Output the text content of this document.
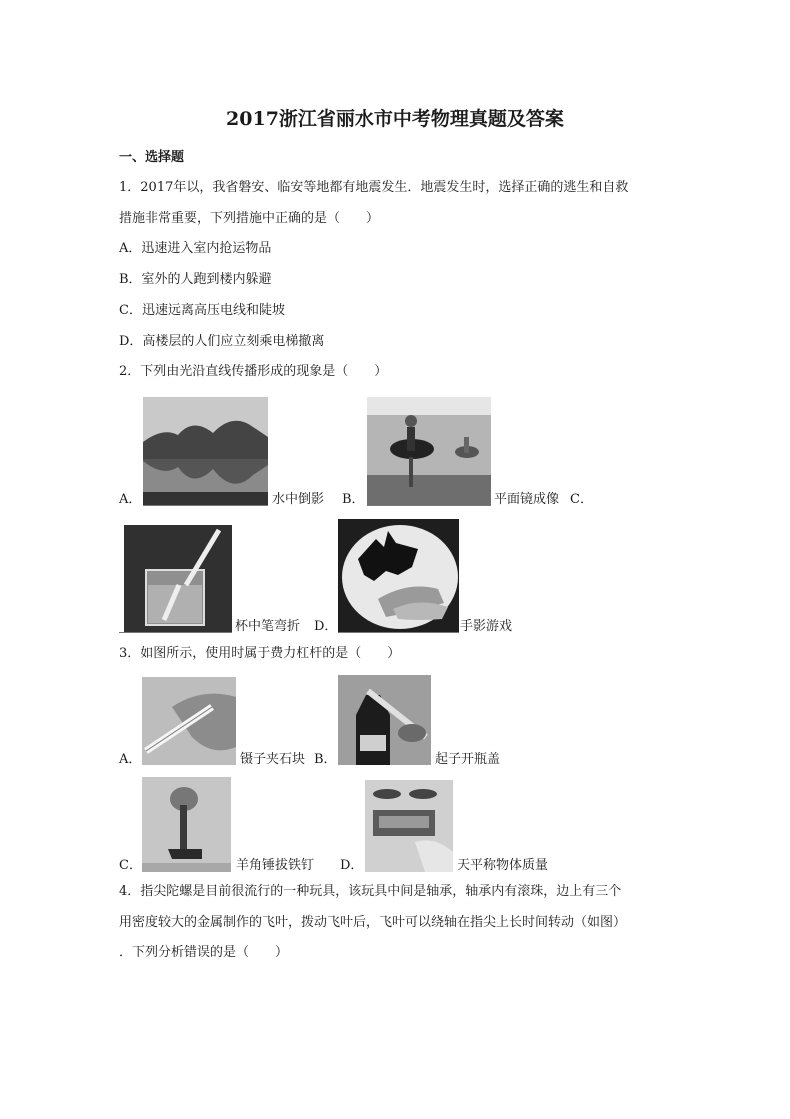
2017浙江省丽水市中考物理真题及答案
一、选择题
1．2017年以，我省磐安、临安等地都有地震发生．地震发生时，选择正确的逃生和自救
措施非常重要，下列措施中正确的是（　　）
A．迅速进入室内抢运物品
B．室外的人跑到楼内躲避
C．迅速远离高压电线和陡坡
D．高楼层的人们应立刻乘电梯撤离
2．下列由光沿直线传播形成的现象是（　　）
A．	水中倒影 B．	平面镜成像 C．
杯中笔弯折 D．	手影游戏
3．如图所示，使用时属于费力杠杆的是（　　）
A．	镊子夹石块 B．	起子开瓶盖
C．	羊角锤拔铁钉 D．	天平称物体质量
4．指尖陀螺是目前很流行的一种玩具，该玩具中间是轴承，轴承内有滚珠，边上有三个
用密度较大的金属制作的飞叶，拨动飞叶后，飞叶可以绕轴在指尖上长时间转动（如图）
．下列分析错误的是（　　）
